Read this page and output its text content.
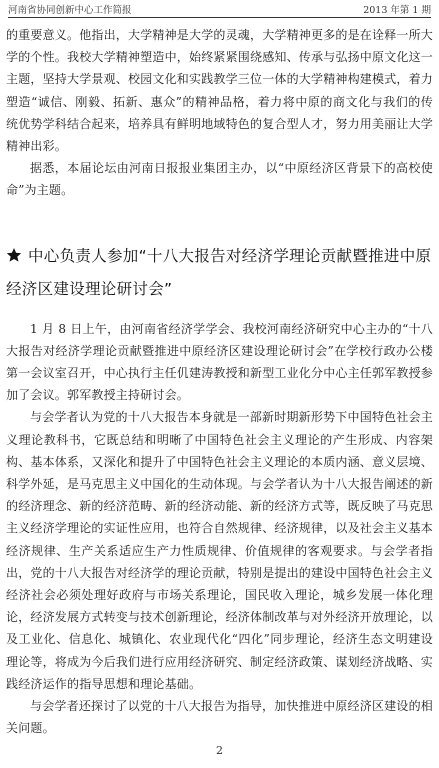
河南省协同创新中心工作简报	2013 年第 1 期

的重要意义。他指出，大学精神是大学的灵魂，大学精神更多的是在诠释一所大学的个性。我校大学精神塑造中，始终紧紧围绕感知、传承与弘扬中原文化这一主题，坚持大学景观、校园文化和实践教学三位一体的大学精神构建模式，着力塑造“诚信、刚毅、拓新、惠众”的精神品格，着力将中原的商文化与我们的传统优势学科结合起来，培养具有鲜明地域特色的复合型人才，努力用美丽让大学精神出彩。

据悉，本届论坛由河南日报报业集团主办，以“中原经济区背景下的高校使命”为主题。

中心负责人参加“十八大报告对经济学理论贡献暨推进中原经济区建设理论研讨会”

1 月 8 日上午，由河南省经济学学会、我校河南经济研究中心主办的“十八大报告对经济学理论贡献暨推进中原经济区建设理论研讨会”在学校行政办公楼第一会议室召开，中心执行主任仉建涛教授和新型工业化分中心主任郭军教授参加了会议。郭军教授主持研讨会。

与会学者认为党的十八大报告本身就是一部新时期新形势下中国特色社会主义理论教科书，它既总结和明晰了中国特色社会主义理论的产生形成、内容架构、基本体系，又深化和提升了中国特色社会主义理论的本质内涵、意义层境、科学外延，是马克思主义中国化的生动体现。与会学者认为十八大报告阐述的新的经济理念、新的经济范畴、新的经济动能、新的经济方式等，既反映了马克思主义经济学理论的实证性应用，也符合自然规律、经济规律，以及社会主义基本经济规律、生产关系适应生产力性质规律、价值规律的客观要求。与会学者指出，党的十八大报告对经济学的理论贡献，特别是提出的建设中国特色社会主义经济社会必须处理好政府与市场关系理论，国民收入理论，城乡发展一体化理论，经济发展方式转变与技术创新理论，经济体制改革与对外经济开放理论，以及工业化、信息化、城镇化、农业现代化“四化”同步理论，经济生态文明建设理论等，将成为今后我们进行应用经济研究、制定经济政策、谋划经济战略、实践经济运作的指导思想和理论基础。

与会学者还探讨了以党的十八大报告为指导，加快推进中原经济区建设的相关问题。

2
